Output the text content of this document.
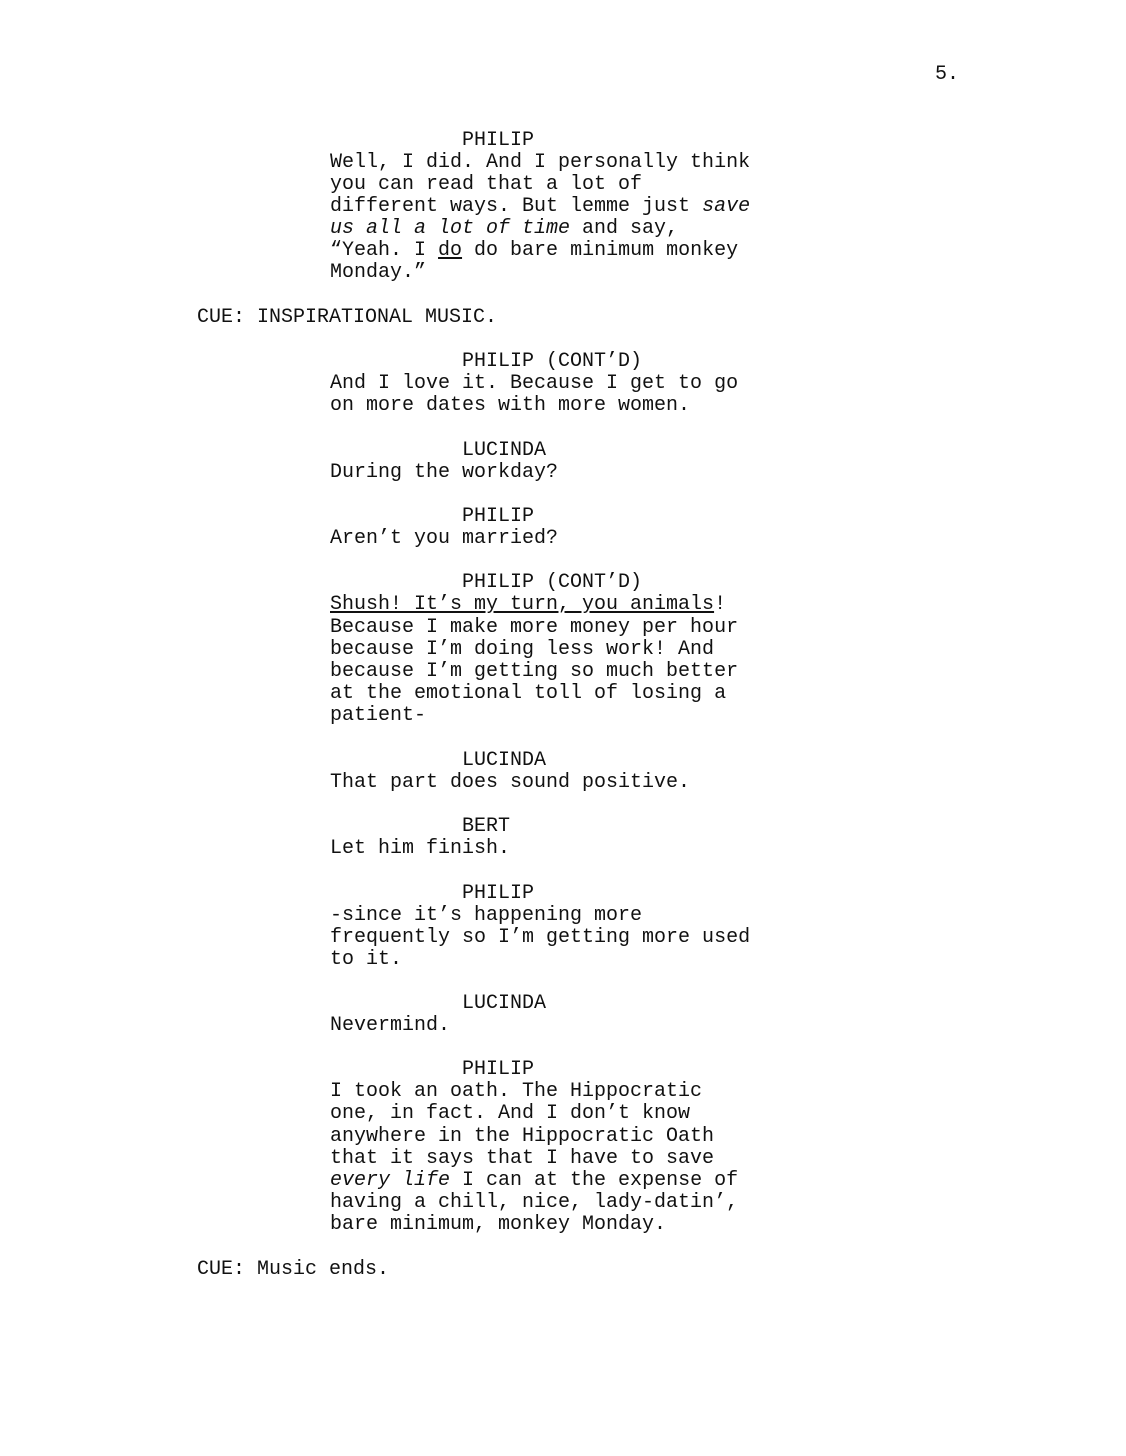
5.
PHILIP
Well, I did. And I personally think
you can read that a lot of
different ways. But lemme just save
us all a lot of time and say,
“Yeah. I do do bare minimum monkey
Monday.”
CUE: INSPIRATIONAL MUSIC.
PHILIP (CONT’D)
And I love it. Because I get to go
on more dates with more women.
LUCINDA
During the workday?
PHILIP
Aren’t you married?
PHILIP (CONT’D)
Shush! It’s my turn, you animals!
Because I make more money per hour
because I’m doing less work! And
because I’m getting so much better
at the emotional toll of losing a
patient-
LUCINDA
That part does sound positive.
BERT
Let him finish.
PHILIP
-since it’s happening more
frequently so I’m getting more used
to it.
LUCINDA
Nevermind.
PHILIP
I took an oath. The Hippocratic
one, in fact. And I don’t know
anywhere in the Hippocratic Oath
that it says that I have to save
every life I can at the expense of
having a chill, nice, lady-datin’,
bare minimum, monkey Monday.
CUE: Music ends.
